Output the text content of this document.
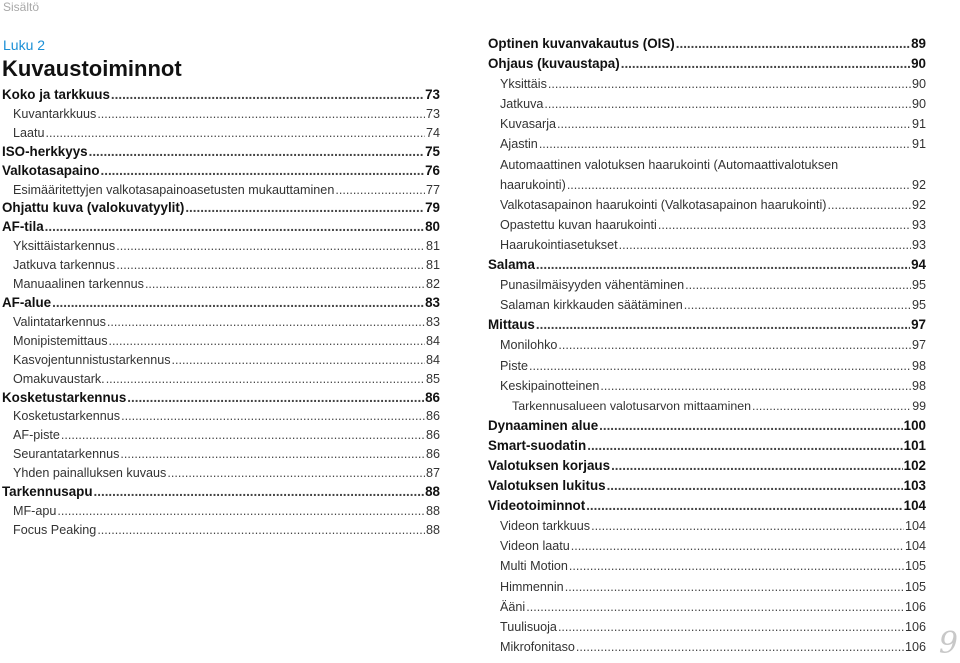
Sisältö
Luku 2
Kuvaustoiminnot
Koko ja tarkkuus .....	73
Kuvantarkkuus .....	73
Laatu .....	74
ISO-herkkyys .....	75
Valkotasapaino .....	76
Esimääritettyjen valkotasapainoasetusten mukauttaminen .....	77
Ohjattu kuva (valokuvatyylit) .....	79
AF-tila .....	80
Yksittäistarkennus .....	81
Jatkuva tarkennus .....	81
Manuaalinen tarkennus .....	82
AF-alue .....	83
Valintatarkennus .....	83
Monipistemittaus .....	84
Kasvojentunnistustarkennus .....	84
Omakuvaustark. .....	85
Kosketustarkennus .....	86
Kosketustarkennus .....	86
AF-piste .....	86
Seurantatarkennus .....	86
Yhden painalluksen kuvaus .....	87
Tarkennusapu .....	88
MF-apu .....	88
Focus Peaking .....	88
Optinen kuvanvakautus (OIS) .....	89
Ohjaus (kuvaustapa) .....	90
Yksittäis .....	90
Jatkuva .....	90
Kuvasarja .....	91
Ajastin .....	91
Automaattinen valotuksen haarukointi (Automaattivalotuksen
haarukointi) .....	92
Valkotasapainon haarukointi (Valkotasapainon haarukointi) .....	92
Opastettu kuvan haarukointi .....	93
Haarukointiasetukset .....	93
Salama .....	94
Punasilmäisyyden vähentäminen .....	95
Salaman kirkkauden säätäminen .....	95
Mittaus .....	97
Monilohko .....	97
Piste .....	98
Keskipainotteinen .....	98
Tarkennusalueen valotusarvon mittaaminen .....	99
Dynaaminen alue .....	100
Smart-suodatin .....	101
Valotuksen korjaus .....	102
Valotuksen lukitus .....	103
Videotoiminnot .....	104
Videon tarkkuus .....	104
Videon laatu .....	104
Multi Motion .....	105
Himmennin .....	105
Ääni .....	106
Tuulisuoja .....	106
Mikrofonitaso .....	106 9
